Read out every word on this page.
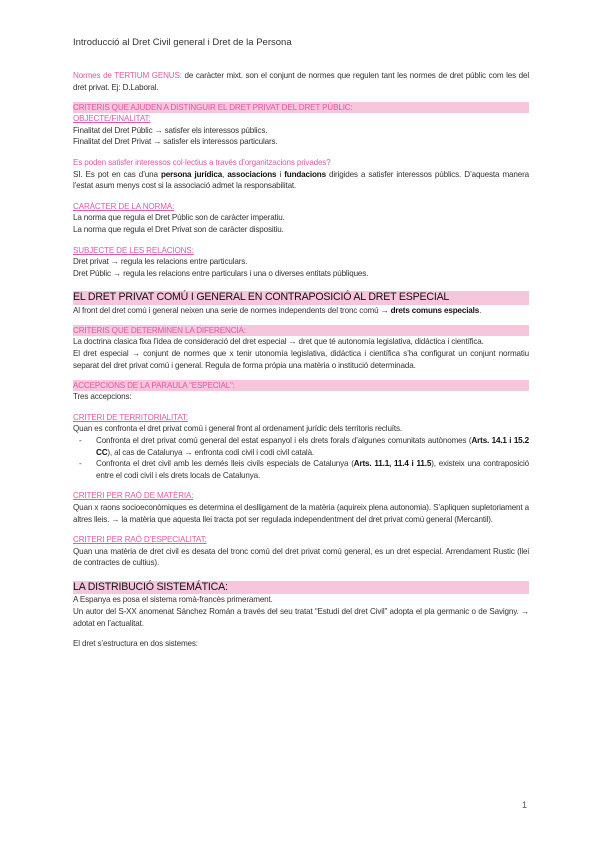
Introducció al Dret Civil general i Dret de la Persona

Normes de TERTIUM GENUS: de caràcter mixt. son el conjunt de normes que regulen tant les normes de dret públic com les del dret privat. Ej: D.Laboral.

CRITERIS QUE AJUDEN A DISTINGUIR EL DRET PRIVAT DEL DRET PÚBLIC:

OBJECTE/FINALITAT:

Finalitat del Dret Públic → satisfer els interessos públics.

Finalitat del Dret Privat → satisfer els interessos particulars.

Es poden satisfer interessos col·lectius a través d’organitzacions privades?

SI. Es pot en cas d’una persona jurídica, associacions i fundacions dirigides a satisfer interessos públics. D’aquesta manera l’estat asum menys cost si la associació admet la responsabilitat.

CARÀCTER DE LA NORMA:

La norma que regula el Dret Públic son de caràcter imperatiu.

La norma que regula el Dret Privat son de caràcter dispositiu.

SUBJECTE DE LES RELACIONS:

Dret privat → regula les relacions entre particulars.

Dret Públic → regula les relacions entre particulars i una o diverses entitats públiques.

EL DRET PRIVAT COMÚ I GENERAL EN CONTRAPOSICIÓ AL DRET ESPECIAL

Al front del dret comú i general neixen una serie de normes independents del tronc comú → drets comuns especials.

CRITERIS QUE DETERMINEN LA DIFERENCIA:

La doctrina clasica fixa l’idea de consideració del dret especial → dret que té autonomía legislativa, didáctica i científica.

El dret especial → conjunt de normes que x tenir utonomía legislativa, didáctica i científica s’ha configurat un conjunt normatiu separat del dret privat comú i general. Regula de forma própia una matèria o institució determinada.

ACCEPCIONS DE LA PARAULA “ESPECIAL”:

Tres accepcions:

CRITERI DE TERRITORIALITAT:

Quan es confronta el dret privat comú i general front al ordenament jurídic dels territoris recluïts.

- Confronta el dret privat comú general del estat espanyol i els drets forals d’algunes comunitats autònomes (Arts. 14.1 i 15.2 CC), al cas de Catalunya → enfronta codi civil i codi civil català.
- Confronta el dret civil amb les demés lleis civils especials de Catalunya (Arts. 11.1, 11.4 i 11.5), existeix una contraposició entre el codi civil i els drets locals de Catalunya.

CRITERI PER RAÓ DE MATÈRIA:

Quan x raons socioeconòmiques es determina el deslligament de la matèria (aquireix plena autonomia). S’apliquen supletoriament a altres lleis. → la matèria que aquesta llei tracta pot ser regulada independentment del dret privat comú general (Mercantil).

CRITERI PER RAÓ D’ESPECIALITAT:

Quan una matèria de dret civil es desata del tronc comú del dret privat comú general, es un dret especial. Arrendament Rustic (llei de contractes de cultius).

LA DISTRIBUCIÓ SISTEMÁTICA:

A Espanya es posa el sistema romà-francès primerament.

Un autor del S-XX anomenat Sánchez Román a través del seu tratat “Estudi del dret Civil” adopta el pla germanic o de Savigny. → adotat en l’actualitat.

El dret s’estructura en dos sistemes:

1
